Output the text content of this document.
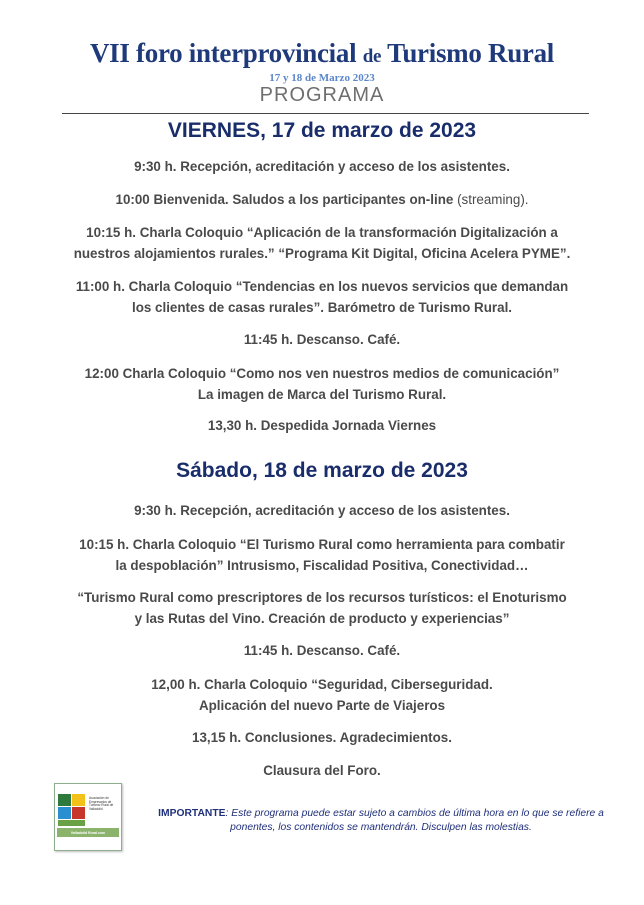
VII foro interprovincial de Turismo Rural
17 y 18 de Marzo 2023
PROGRAMA
VIERNES, 17 de marzo de 2023
9:30 h. Recepción, acreditación y acceso de los asistentes.
10:00 Bienvenida. Saludos a los participantes on-line (streaming).
10:15 h. Charla Coloquio “Aplicación de la transformación Digitalización a
nuestros alojamientos rurales.” “Programa Kit Digital, Oficina Acelera PYME”.
11:00 h. Charla Coloquio “Tendencias en los nuevos servicios que demandan
los clientes de casas rurales”. Barómetro de Turismo Rural.
11:45 h. Descanso. Café.
12:00 Charla Coloquio “Como nos ven nuestros medios de comunicación”
La imagen de Marca del Turismo Rural.
13,30 h. Despedida Jornada Viernes
Sábado, 18 de marzo de 2023
9:30 h. Recepción, acreditación y acceso de los asistentes.
10:15 h. Charla Coloquio “El Turismo Rural como herramienta para combatir
la despoblación” Intrusismo, Fiscalidad Positiva, Conectividad…
“Turismo Rural como prescriptores de los recursos turísticos: el Enoturismo
y las Rutas del Vino. Creación de producto y experiencias”
11:45 h. Descanso. Café.
12,00 h. Charla Coloquio “Seguridad, Ciberseguridad.
Aplicación del nuevo Parte de Viajeros
13,15 h. Conclusiones. Agradecimientos.
Clausura del Foro.
Asociación de Empresarios de Turismo Rural de Valladolid
Valladolid Rural.com
IMPORTANTE: Este programa puede estar sujeto a cambios de última hora en lo que se refiere a ponentes, los contenidos se mantendrán. Disculpen las molestias.
